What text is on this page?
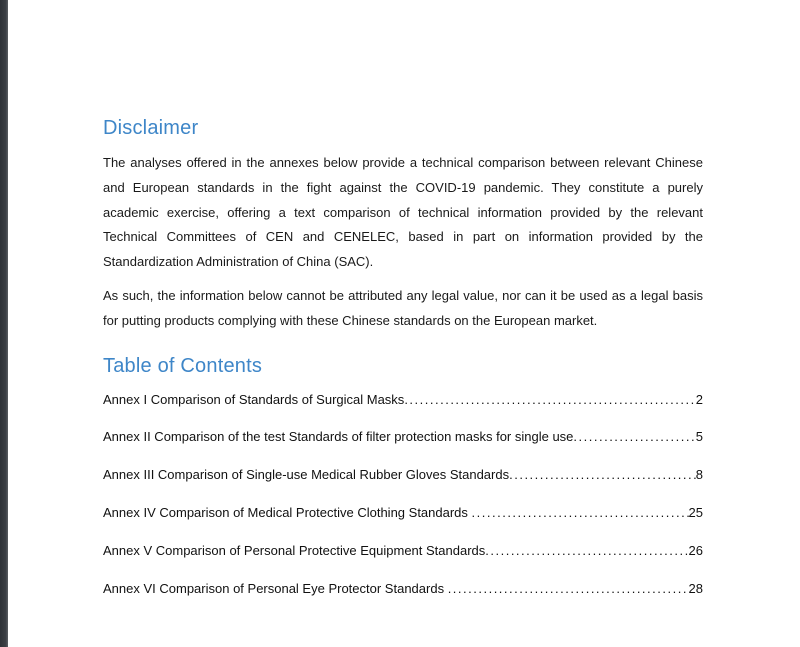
Disclaimer

The analyses offered in the annexes below provide a technical comparison between relevant Chinese and European standards in the fight against the COVID-19 pandemic. They constitute a purely academic exercise, offering a text comparison of technical information provided by the relevant Technical Committees of CEN and CENELEC, based in part on information provided by the Standardization Administration of China (SAC).

As such, the information below cannot be attributed any legal value, nor can it be used as a legal basis for putting products complying with these Chinese standards on the European market.

Table of Contents
Annex I Comparison of Standards of Surgical Masks .....	2
Annex II Comparison of the test Standards of filter protection masks for single use .....	5
Annex III Comparison of Single-use Medical Rubber Gloves Standards .....	8
Annex IV Comparison of Medical Protective Clothing Standards .....	25
Annex V Comparison of Personal Protective Equipment Standards .....	26
Annex VI Comparison of Personal Eye Protector Standards .....	28
